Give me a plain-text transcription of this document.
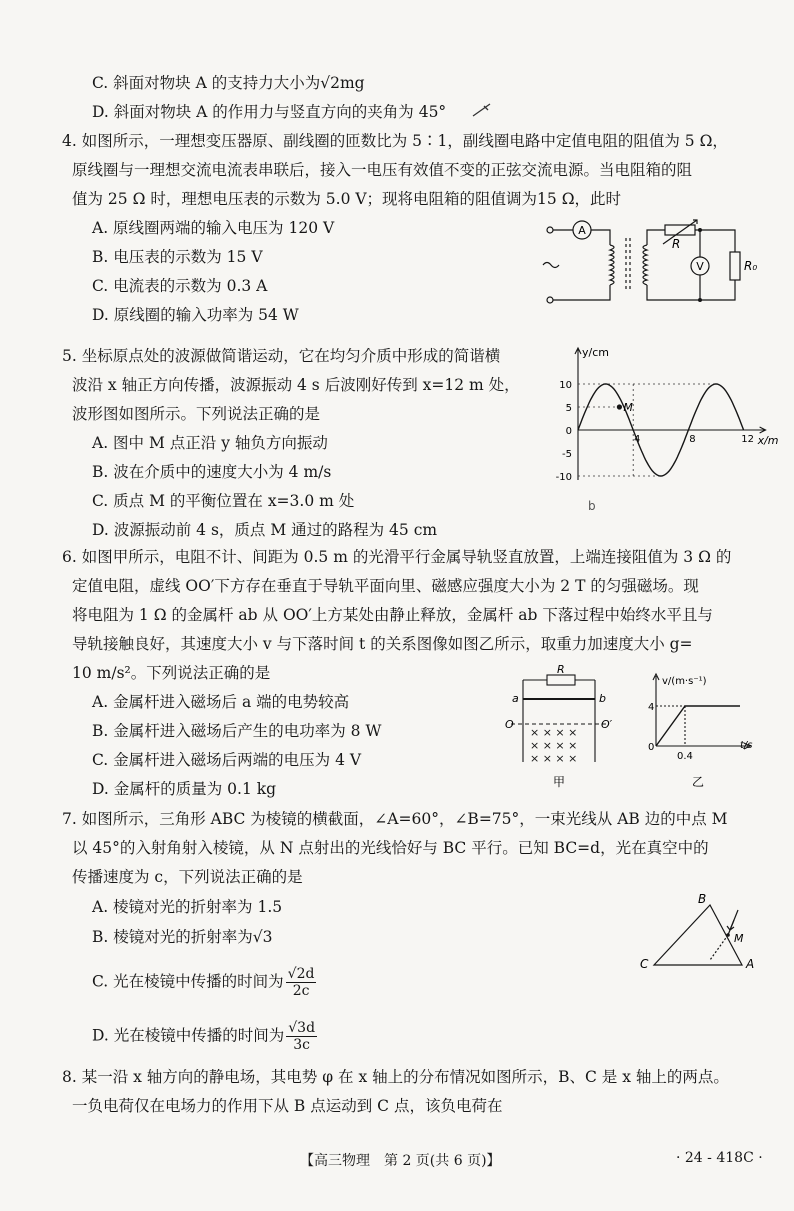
C. 斜面对物块 A 的支持力大小为√2mg
D. 斜面对物块 A 的作用力与竖直方向的夹角为 45°
4. 如图所示，一理想变压器原、副线圈的匝数比为 5∶1，副线圈电路中定值电阻的阻值为 5 Ω，
原线圈与一理想交流电流表串联后，接入一电压有效值不变的正弦交流电源。当电阻箱的阻
值为 25 Ω 时，理想电压表的示数为 5.0 V；现将电阻箱的阻值调为15 Ω，此时
A. 原线圈两端的输入电压为 120 V
B. 电压表的示数为 15 V
C. 电流表的示数为 0.3 A
D. 原线圈的输入功率为 54 W
A
V
R
R₀
5. 坐标原点处的波源做简谐运动，它在均匀介质中形成的简谐横
波沿 x 轴正方向传播，波源振动 4 s 后波刚好传到 x=12 m 处，
波形图如图所示。下列说法正确的是
A. 图中 M 点正沿 y 轴负方向振动
B. 波在介质中的速度大小为 4 m/s
C. 质点 M 的平衡位置在 x=3.0 m 处
D. 波源振动前 4 s，质点 M 通过的路程为 45 cm
10
5
0
-5
-10
4	8	12
y/cm
x/m
M
b
6. 如图甲所示，电阻不计、间距为 0.5 m 的光滑平行金属导轨竖直放置，上端连接阻值为 3 Ω 的
定值电阻，虚线 OO′下方存在垂直于导轨平面向里、磁感应强度大小为 2 T 的匀强磁场。现
将电阻为 1 Ω 的金属杆 ab 从 OO′上方某处由静止释放，金属杆 ab 下落过程中始终水平且与
导轨接触良好，其速度大小 v 与下落时间 t 的关系图像如图乙所示，取重力加速度大小 g=
10 m/s²。下列说法正确的是
A. 金属杆进入磁场后 a 端的电势较高
B. 金属杆进入磁场后产生的电功率为 8 W
C. 金属杆进入磁场后两端的电压为 4 V
D. 金属杆的质量为 0.1 kg
× × × ×
× × × ×
× × × ×
R
a	b
O	O′
甲
v/(m·s⁻¹)
t/s
0
4
0.4
乙
7. 如图所示，三角形 ABC 为棱镜的横截面，∠A=60°，∠B=75°，一束光线从 AB 边的中点 M
以 45°的入射角射入棱镜，从 N 点射出的光线恰好与 BC 平行。已知 BC=d，光在真空中的
传播速度为 c，下列说法正确的是
A. 棱镜对光的折射率为 1.5
B. 棱镜对光的折射率为√3
C. 光在棱镜中传播的时间为 $\frac{√2d}{2c}$
D. 光在棱镜中传播的时间为 $\frac{√3d}{3c}$
B
C	A
M
8. 某一沿 x 轴方向的静电场，其电势 φ 在 x 轴上的分布情况如图所示，B、C 是 x 轴上的两点。
一负电荷仅在电场力的作用下从 B 点运动到 C 点，该负电荷在
【高三物理　第 2 页(共 6 页)】	· 24 - 418C ·
